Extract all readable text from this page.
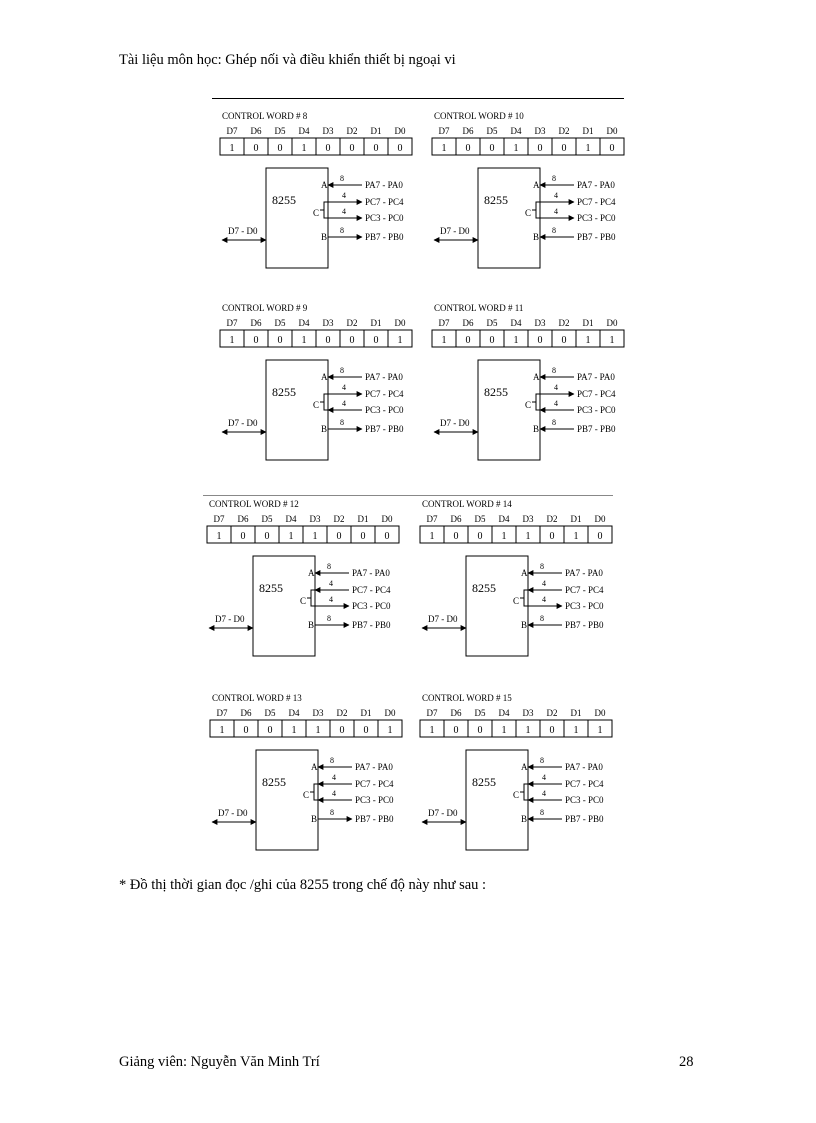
Tài liệu môn học: Ghép nối và điều khiển thiết bị ngoại vi
CONTROL WORD # 8
D7 D6 D5 D4 D3 D2 D1 D0
1 0 0 1 0 0 0 0
8255
A
C
B
8
PA7 - PA0
4
PC7 - PC4
4
PC3 - PC0
8
PB7 - PB0
D7 - D0
CONTROL WORD # 10
D7 D6 D5 D4 D3 D2 D1 D0
1 0 0 1 0 0 1 0
8255
A
C
B
8
PA7 - PA0
4
PC7 - PC4
4
PC3 - PC0
8
PB7 - PB0
D7 - D0
CONTROL WORD # 9
D7 D6 D5 D4 D3 D2 D1 D0
1 0 0 1 0 0 0 1
8255
A
C
B
8
PA7 - PA0
4
PC7 - PC4
4
PC3 - PC0
8
PB7 - PB0
D7 - D0
CONTROL WORD # 11
D7 D6 D5 D4 D3 D2 D1 D0
1 0 0 1 0 0 1 1
8255
A
C
B
8
PA7 - PA0
4
PC7 - PC4
4
PC3 - PC0
8
PB7 - PB0
D7 - D0
CONTROL WORD # 12
D7 D6 D5 D4 D3 D2 D1 D0
1 0 0 1 1 0 0 0
8255
A
C
B
8
PA7 - PA0
4
PC7 - PC4
4
PC3 - PC0
8
PB7 - PB0
D7 - D0
CONTROL WORD # 14
D7 D6 D5 D4 D3 D2 D1 D0
1 0 0 1 1 0 1 0
8255
A
C
B
8
PA7 - PA0
4
PC7 - PC4
4
PC3 - PC0
8
PB7 - PB0
D7 - D0
CONTROL WORD # 13
D7 D6 D5 D4 D3 D2 D1 D0
1 0 0 1 1 0 0 1
8255
A
C
B
8
PA7 - PA0
4
PC7 - PC4
4
PC3 - PC0
8
PB7 - PB0
D7 - D0
CONTROL WORD # 15
D7 D6 D5 D4 D3 D2 D1 D0
1 0 0 1 1 0 1 1
8255
A
C
B
8
PA7 - PA0
4
PC7 - PC4
4
PC3 - PC0
8
PB7 - PB0
D7 - D0
* Đồ thị thời gian đọc /ghi của 8255 trong chế độ này như sau :
Giảng viên: Nguyễn Văn Minh Trí	28
